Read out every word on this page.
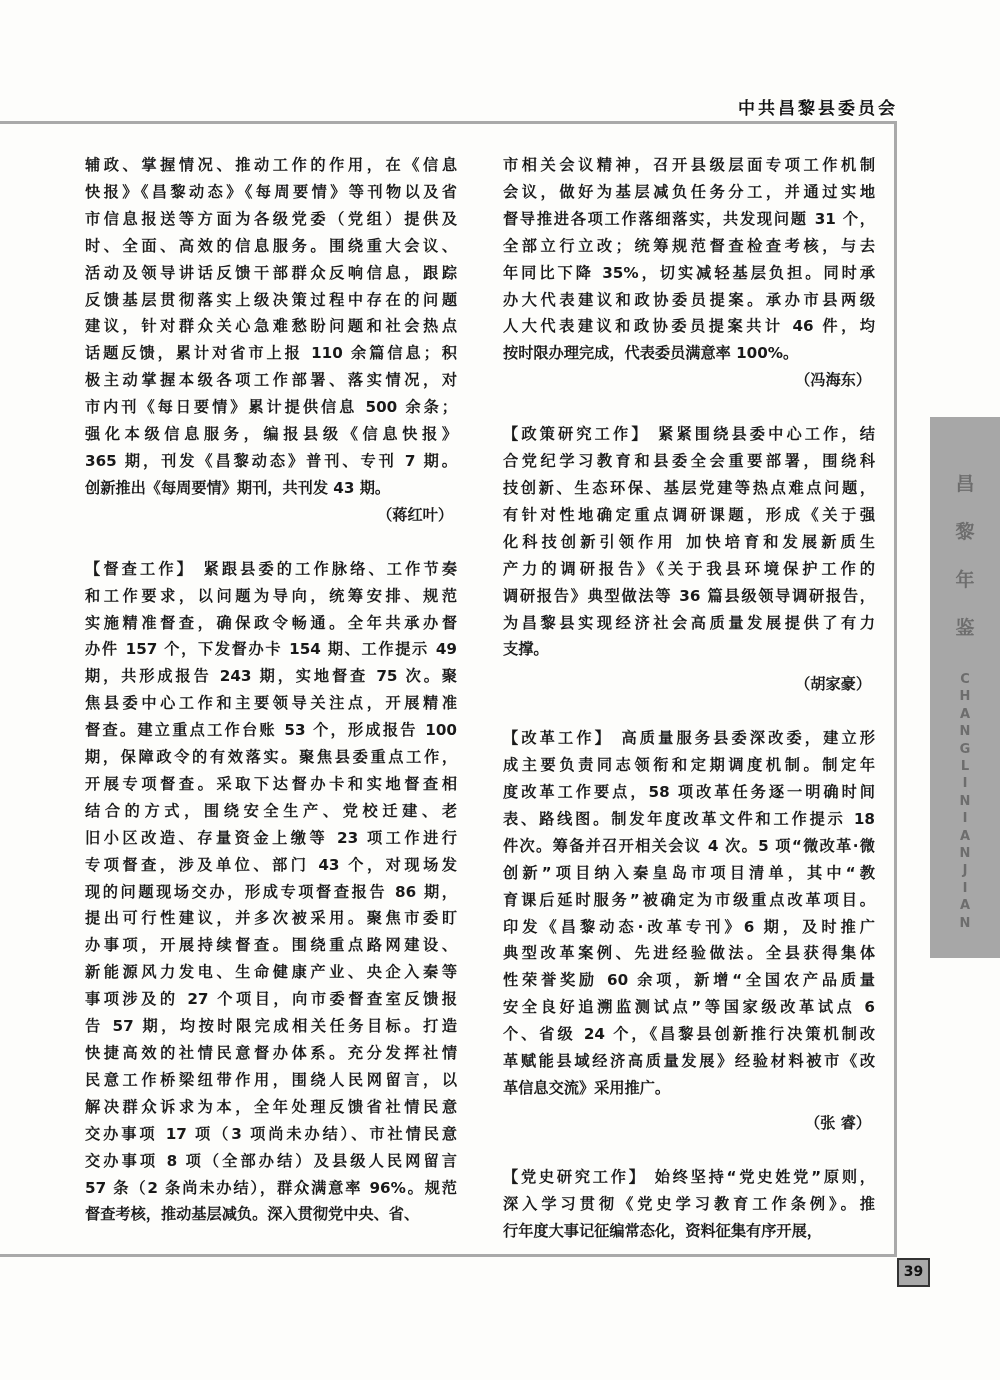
中共昌黎县委员会
辅政、掌握情况、推动工作的作用，在《信息
快报》《昌黎动态》《每周要情》等刊物以及省
市信息报送等方面为各级党委（党组）提供及
时、全面、高效的信息服务。围绕重大会议、
活动及领导讲话反馈干部群众反响信息，跟踪
反馈基层贯彻落实上级决策过程中存在的问题
建议，针对群众关心急难愁盼问题和社会热点
话题反馈，累计对省市上报 110 余篇信息；积
极主动掌握本级各项工作部署、落实情况，对
市内刊《每日要情》累计提供信息 500 余条；
强化本级信息服务，编报县级《信息快报》
365 期，刊发《昌黎动态》普刊、专刊 7 期。
创新推出《每周要情》期刊，共刊发 43 期。
（蒋红叶）
【督查工作】 紧跟县委的工作脉络、工作节奏
和工作要求，以问题为导向，统筹安排、规范
实施精准督查，确保政令畅通。全年共承办督
办件 157 个，下发督办卡 154 期、工作提示 49
期，共形成报告 243 期，实地督查 75 次。聚
焦县委中心工作和主要领导关注点，开展精准
督查。建立重点工作台账 53 个，形成报告 100
期，保障政令的有效落实。聚焦县委重点工作，
开展专项督查。采取下达督办卡和实地督查相
结合的方式，围绕安全生产、党校迁建、老
旧小区改造、存量资金上缴等 23 项工作进行
专项督查，涉及单位、部门 43 个，对现场发
现的问题现场交办，形成专项督查报告 86 期，
提出可行性建议，并多次被采用。聚焦市委盯
办事项，开展持续督查。围绕重点路网建设、
新能源风力发电、生命健康产业、央企入秦等
事项涉及的 27 个项目，向市委督查室反馈报
告 57 期，均按时限完成相关任务目标。打造
快捷高效的社情民意督办体系。充分发挥社情
民意工作桥梁纽带作用，围绕人民网留言，以
解决群众诉求为本，全年处理反馈省社情民意
交办事项 17 项（3 项尚未办结）、市社情民意
交办事项 8 项（全部办结）及县级人民网留言
57 条（2 条尚未办结），群众满意率 96%。规范
督查考核，推动基层减负。深入贯彻党中央、省、
市相关会议精神，召开县级层面专项工作机制
会议，做好为基层减负任务分工，并通过实地
督导推进各项工作落细落实，共发现问题 31 个，
全部立行立改；统筹规范督查检查考核，与去
年同比下降 35%，切实减轻基层负担。同时承
办大代表建议和政协委员提案。承办市县两级
人大代表建议和政协委员提案共计 46 件，均
按时限办理完成，代表委员满意率 100%。
（冯海东）
【政策研究工作】 紧紧围绕县委中心工作，结
合党纪学习教育和县委全会重要部署，围绕科
技创新、生态环保、基层党建等热点难点问题，
有针对性地确定重点调研课题，形成《关于强
化科技创新引领作用 加快培育和发展新质生
产力的调研报告》《关于我县环境保护工作的
调研报告》典型做法等 36 篇县级领导调研报告，
为昌黎县实现经济社会高质量发展提供了有力
支撑。
（胡家豪）
【改革工作】 高质量服务县委深改委，建立形
成主要负责同志领衔和定期调度机制。制定年
度改革工作要点，58 项改革任务逐一明确时间
表、路线图。制发年度改革文件和工作提示 18
件次。筹备并召开相关会议 4 次。5 项“微改革·微
创新”项目纳入秦皇岛市项目清单，其中“教
育课后延时服务”被确定为市级重点改革项目。
印发《昌黎动态·改革专刊》6 期，及时推广
典型改革案例、先进经验做法。全县获得集体
性荣誉奖励 60 余项，新增“全国农产品质量
安全良好追溯监测试点”等国家级改革试点 6
个、省级 24 个，《昌黎县创新推行决策机制改
革赋能县域经济高质量发展》经验材料被市《改
革信息交流》采用推广。
（张 睿）
【党史研究工作】 始终坚持“党史姓党”原则，
深入学习贯彻《党史学习教育工作条例》。推
行年度大事记征编常态化，资料征集有序开展，
昌
黎
年
鉴
C
H
A
N
G
L
I
N
I
A
N
J
I
A
N
39
